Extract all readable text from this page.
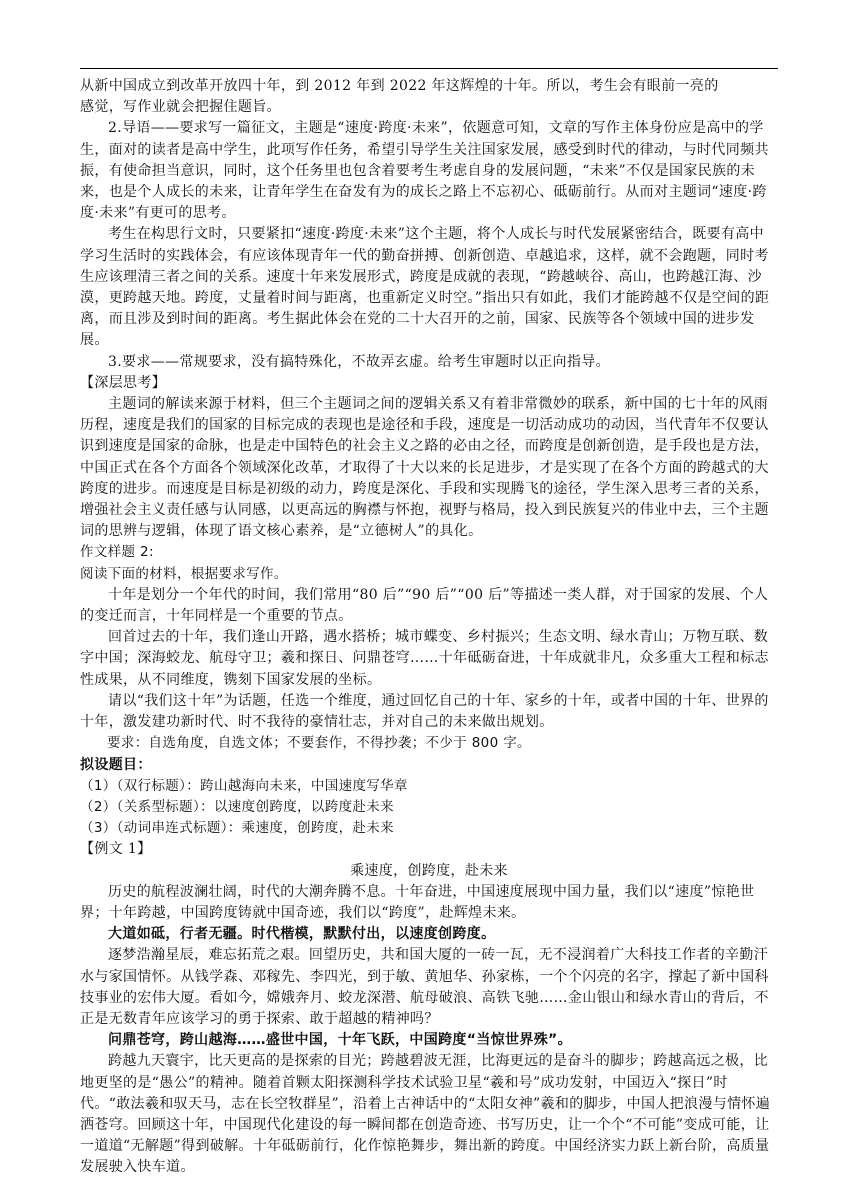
从新中国成立到改革开放四十年，到 2012 年到 2022 年这辉煌的十年。所以，考生会有眼前一亮的
感觉，写作业就会把握住题旨。

2.导语——要求写一篇征文，主题是“速度·跨度·未来”，依题意可知，文章的写作主体身份应是高中的学生，面对的读者是高中学生，此项写作任务，希望引导学生关注国家发展，感受到时代的律动，与时代同频共振，有使命担当意识，同时，这个任务里也包含着要考生考虑自身的发展问题，“未来”不仅是国家民族的未来，也是个人成长的未来，让青年学生在奋发有为的成长之路上不忘初心、砥砺前行。从而对主题词“速度·跨度·未来”有更可的思考。

考生在构思行文时，只要紧扣“速度·跨度·未来”这个主题，将个人成长与时代发展紧密结合，既要有高中学习生活时的实践体会，有应该体现青年一代的勤奋拼搏、创新创造、卓越追求，这样，就不会跑题，同时考生应该理清三者之间的关系。速度十年来发展形式，跨度是成就的表现，“跨越峡谷、高山，也跨越江海、沙漠，更跨越天地。跨度，丈量着时间与距离，也重新定义时空。”指出只有如此，我们才能跨越不仅是空间的距离，而且涉及到时间的距离。考生据此体会在党的二十大召开的之前，国家、民族等各个领域中国的进步发展。

3.要求——常规要求，没有搞特殊化，不故弄玄虚。给考生审题时以正向指导。

【深层思考】

主题词的解读来源于材料，但三个主题词之间的逻辑关系又有着非常微妙的联系，新中国的七十年的风雨历程，速度是我们的国家的目标完成的表现也是途径和手段，速度是一切活动成功的动因，当代青年不仅要认识到速度是国家的命脉，也是走中国特色的社会主义之路的必由之径，而跨度是创新创造，是手段也是方法，中国正式在各个方面各个领域深化改革，才取得了十大以来的长足进步，才是实现了在各个方面的跨越式的大跨度的进步。而速度是目标是初级的动力，跨度是深化、手段和实现腾飞的途径，学生深入思考三者的关系，增强社会主义责任感与认同感，以更高远的胸襟与怀抱，视野与格局，投入到民族复兴的伟业中去，三个主题词的思辨与逻辑，体现了语文核心素养，是“立德树人”的具化。

作文样题 2:
阅读下面的材料，根据要求写作。

十年是划分一个年代的时间，我们常用“80 后”“90 后”“00 后”等描述一类人群，对于国家的发展、个人的变迁而言，十年同样是一个重要的节点。

回首过去的十年，我们逢山开路，遇水搭桥；城市蝶变、乡村振兴；生态文明、绿水青山；万物互联、数字中国；深海蛟龙、航母守卫；羲和探日、问鼎苍穹……十年砥砺奋进，十年成就非凡，众多重大工程和标志性成果，从不同维度，镌刻下国家发展的坐标。

请以“我们这十年”为话题，任选一个维度，通过回忆自己的十年、家乡的十年，或者中国的十年、世界的十年，激发建功新时代、时不我待的豪情壮志，并对自己的未来做出规划。

要求：自选角度，自选文体；不要套作，不得抄袭；不少于 800 字。

拟设题目：
（1）（双行标题）：跨山越海向未来，中国速度写华章
（2）（关系型标题）：以速度创跨度，以跨度赴未来
（3）（动词串连式标题）：乘速度，创跨度，赴未来
【例文 1】
乘速度，创跨度，赴未来

历史的航程波澜壮阔，时代的大潮奔腾不息。十年奋进，中国速度展现中国力量，我们以“速度”惊艳世界；十年跨越，中国跨度铸就中国奇迹，我们以“跨度”，赴辉煌未来。

大道如砥，行者无疆。时代楷模，默默付出，以速度创跨度。

逐梦浩瀚星辰，难忘拓荒之艰。回望历史，共和国大厦的一砖一瓦，无不浸润着广大科技工作者的辛勤汗水与家国情怀。从钱学森、邓稼先、李四光，到于敏、黄旭华、孙家栋，一个个闪亮的名字，撑起了新中国科技事业的宏伟大厦。看如今，嫦娥奔月、蛟龙深潜、航母破浪、高铁飞驰……金山银山和绿水青山的背后，不正是无数青年应该学习的勇于探索、敢于超越的精神吗？

问鼎苍穹，跨山越海……盛世中国，十年飞跃，中国跨度“当惊世界殊”。

跨越九天寰宇，比天更高的是探索的目光；跨越碧波无涯，比海更远的是奋斗的脚步；跨越高远之极，比地更坚的是“愚公”的精神。随着首颗太阳探测科学技术试验卫星“羲和号”成功发射，中国迈入“探日”时代。“敢法羲和驭天马，志在长空牧群星”，沿着上古神话中的“太阳女神”羲和的脚步，中国人把浪漫与情怀遍洒苍穹。回顾这十年，中国现代化建设的每一瞬间都在创造奇迹、书写历史，让一个个“不可能”变成可能，让一道道“无解题”得到破解。十年砥砺前行，化作惊艳舞步，舞出新的跨度。中国经济实力跃上新台阶，高质量发展驶入快车道。
